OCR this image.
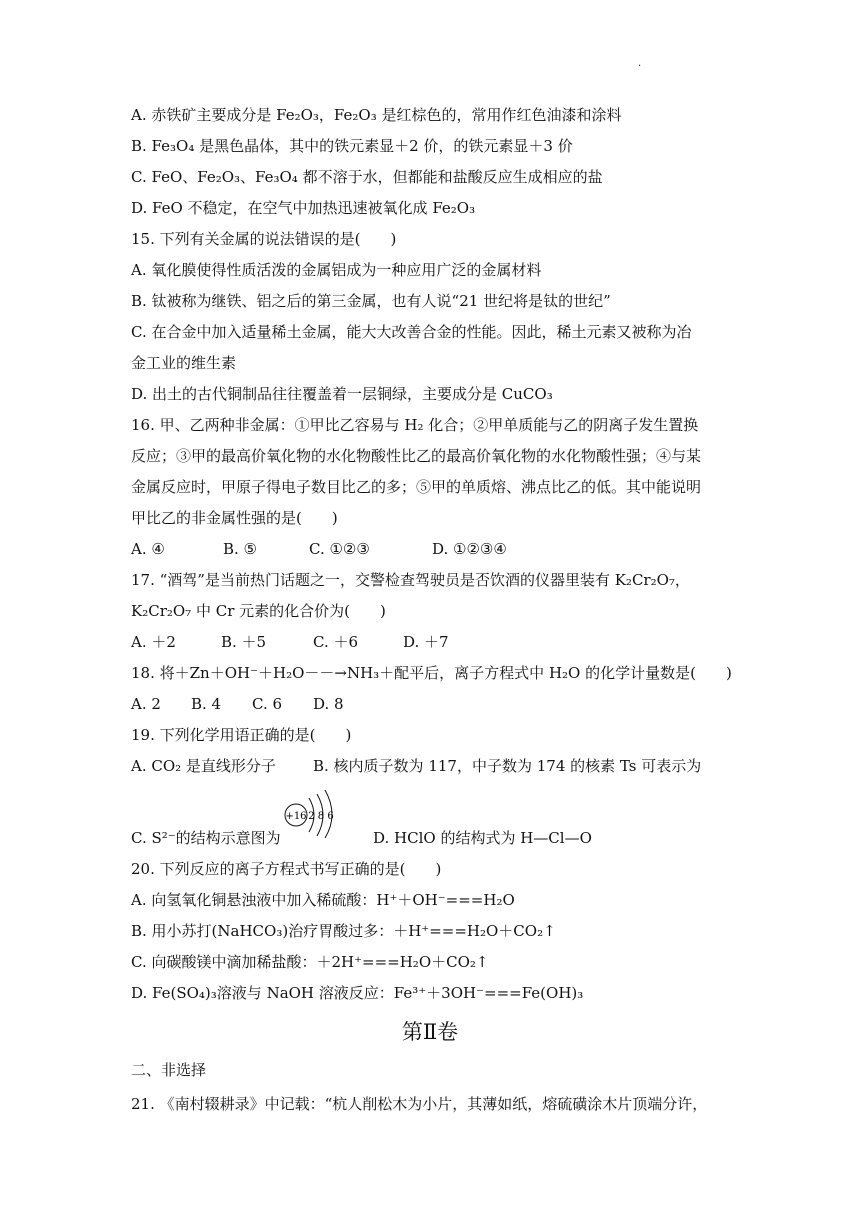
.
A. 赤铁矿主要成分是 Fe₂O₃，Fe₂O₃ 是红棕色的，常用作红色油漆和涂料
B. Fe₃O₄ 是黑色晶体，其中的铁元素显＋2 价，的铁元素显＋3 价
C. FeO、Fe₂O₃、Fe₃O₄ 都不溶于水，但都能和盐酸反应生成相应的盐
D. FeO 不稳定，在空气中加热迅速被氧化成 Fe₂O₃
15. 下列有关金属的说法错误的是(　　)
A. 氧化膜使得性质活泼的金属铝成为一种应用广泛的金属材料
B. 钛被称为继铁、铝之后的第三金属，也有人说“21 世纪将是钛的世纪”
C. 在合金中加入适量稀土金属，能大大改善合金的性能。因此，稀土元素又被称为冶
金工业的维生素
D. 出土的古代铜制品往往覆盖着一层铜绿，主要成分是 CuCO₃
16. 甲、乙两种非金属：①甲比乙容易与 H₂ 化合；②甲单质能与乙的阴离子发生置换
反应；③甲的最高价氧化物的水化物酸性比乙的最高价氧化物的水化物酸性强；④与某
金属反应时，甲原子得电子数目比乙的多；⑤甲的单质熔、沸点比乙的低。其中能说明
甲比乙的非金属性强的是(　　)
A. ④	B. ⑤	C. ①②③	D. ①②③④
17. “酒驾”是当前热门话题之一，交警检查驾驶员是否饮酒的仪器里装有 K₂Cr₂O₇，
K₂Cr₂O₇ 中 Cr 元素的化合价为(　　)
A. ＋2	B. ＋5	C. ＋6	D. ＋7
18. 将＋Zn＋OH⁻＋H₂O－－→NH₃＋配平后，离子方程式中 H₂O 的化学计量数是(　　)
A. 2 B. 4 C. 6 D. 8
19. 下列化学用语正确的是(　　)
A. CO₂ 是直线形分子 B. 核内质子数为 117，中子数为 174 的核素 Ts 可表示为
+16 2 8 6
C. S²⁻的结构示意图为	D. HClO 的结构式为 H—Cl—O
20. 下列反应的离子方程式书写正确的是(　　)
A. 向氢氧化铜悬浊液中加入稀硫酸：H⁺＋OH⁻===H₂O
B. 用小苏打(NaHCO₃)治疗胃酸过多：＋H⁺===H₂O＋CO₂↑
C. 向碳酸镁中滴加稀盐酸：＋2H⁺===H₂O＋CO₂↑
D. Fe(SO₄)₃溶液与 NaOH 溶液反应：Fe³⁺＋3OH⁻===Fe(OH)₃
第Ⅱ卷
二、非选择
21. 《南村辍耕录》中记载：“杭人削松木为小片，其薄如纸，熔硫磺涂木片顶端分许，
